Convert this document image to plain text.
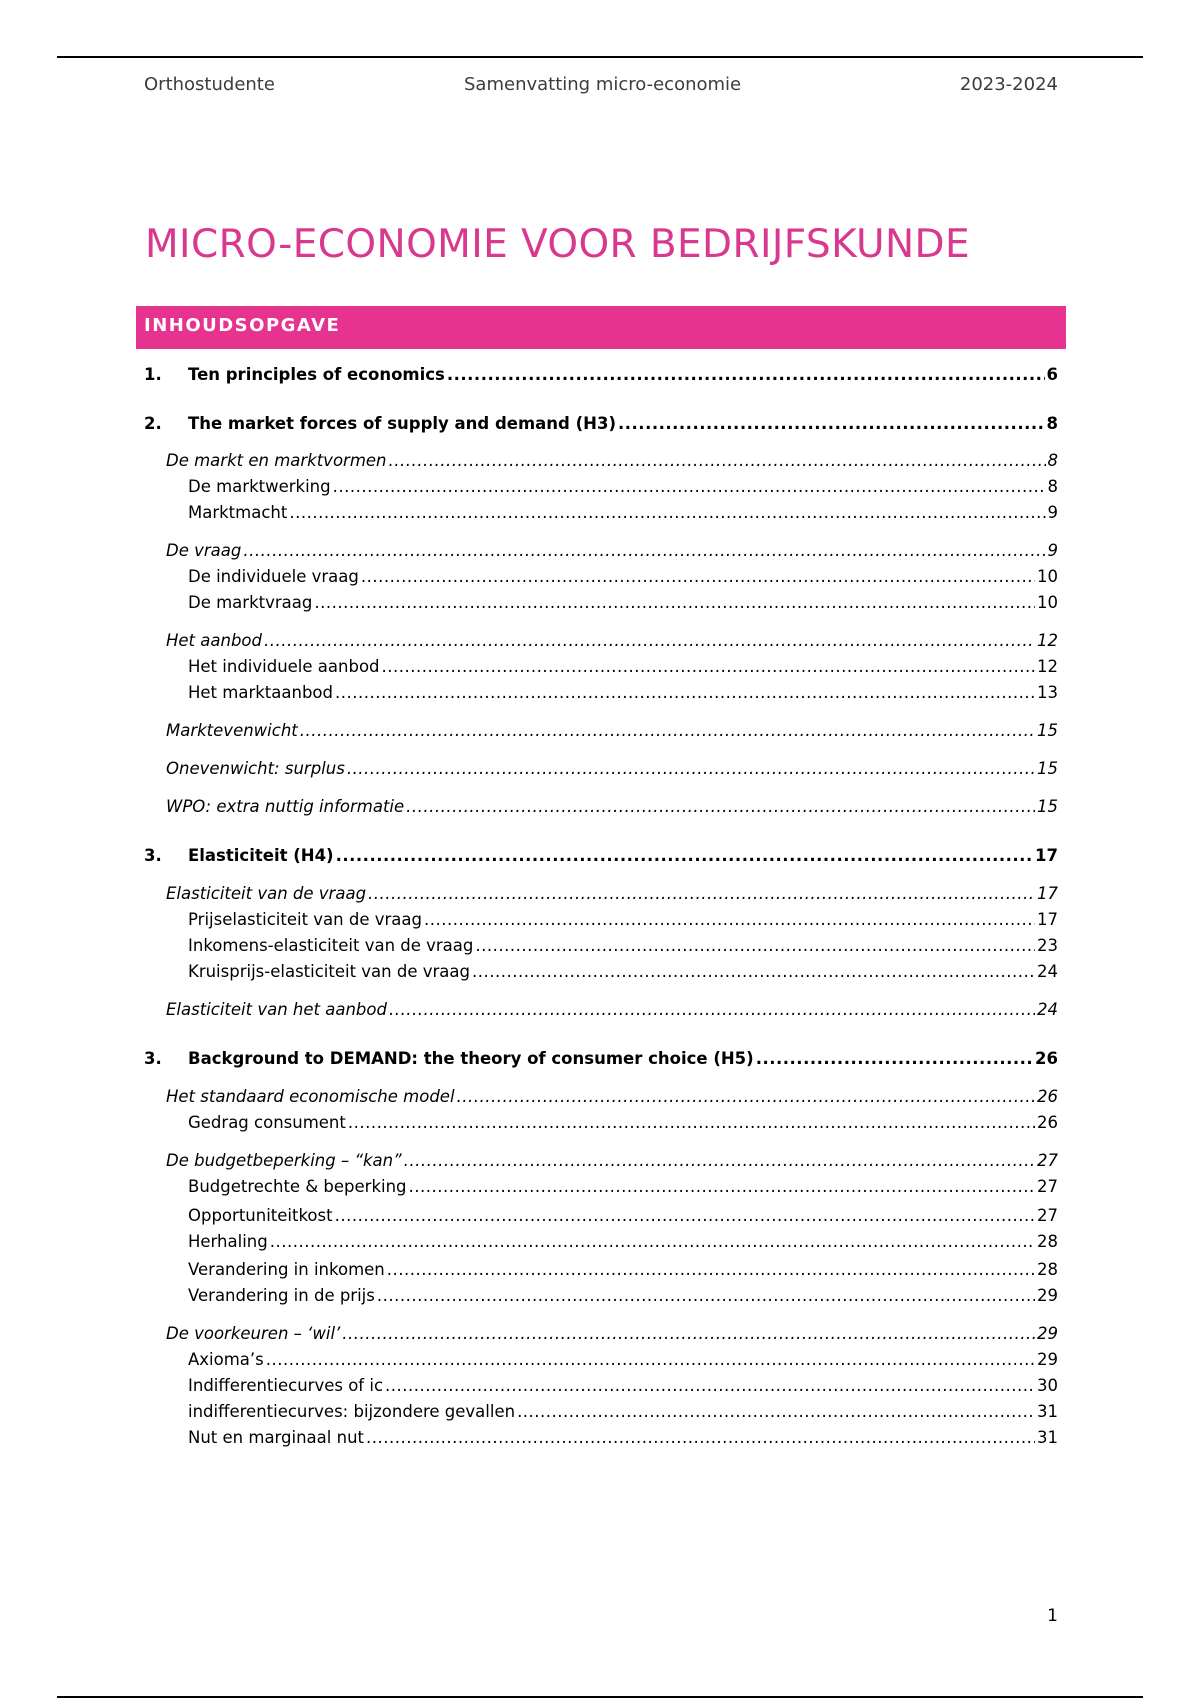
Orthostudente	Samenvatting micro-economie	2023-2024
MICRO-ECONOMIE VOOR BEDRIJFSKUNDE
INHOUDSOPGAVE
1.	Ten principles of economics .....	6
2.	The market forces of supply and demand (H3) .....	8
De markt en marktvormen .....	8
De marktwerking .....	8
Marktmacht .....	9
De vraag .....	9
De individuele vraag .....	10
De marktvraag .....	10
Het aanbod .....	12
Het individuele aanbod .....	12
Het marktaanbod .....	13
Marktevenwicht .....	15
Onevenwicht: surplus .....	15
WPO: extra nuttig informatie .....	15
3.	Elasticiteit (H4) .....	17
Elasticiteit van de vraag .....	17
Prijselasticiteit van de vraag .....	17
Inkomens-elasticiteit van de vraag .....	23
Kruisprijs-elasticiteit van de vraag .....	24
Elasticiteit van het aanbod .....	24
3.	Background to DEMAND: the theory of consumer choice (H5) .....	26
Het standaard economische model .....	26
Gedrag consument .....	26
De budgetbeperking – “kan” .....	27
Budgetrechte & beperking .....	27
Opportuniteitkost .....	27
Herhaling .....	28
Verandering in inkomen .....	28
Verandering in de prijs .....	29
De voorkeuren – ‘wil’ .....	29
Axioma’s .....	29
Indifferentiecurves of ic .....	30
indifferentiecurves: bijzondere gevallen .....	31
Nut en marginaal nut .....	31
1
